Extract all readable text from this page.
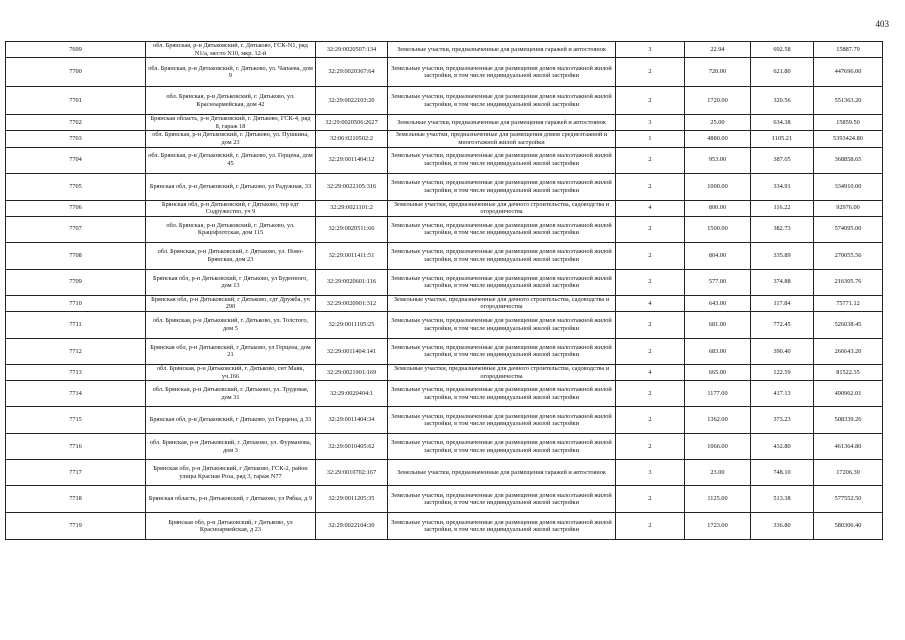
403
7699	обл. Брянская, р-н Дятьковский, г. Дятьково, ГСК-N1, ряд N1/а, место N10, мкр. 12-й	32:29:0020507:134	Земельные участки, предназначенные для размещения гаражей и автостоянок	3	22.94	692.58	15887.79
7700	обл. Брянская, р-н Дятьковский, г. Дятьково, ул. Чапаева, дом 9	32:29:0020367:64	Земельные участки, предназначенные для размещения домов малоэтажной жилой застройки, в том числе индивидуальной жилой застройки	2	720.00	621.80	447696.00
7701	обл. Брянская, р-н Дятьковский, г. Дятьково, ул. Красноармейская, дом 42	32:29:0022103:20	Земельные участки, предназначенные для размещения домов малоэтажной жилой застройки, в том числе индивидуальной жилой застройки	2	1720.00	320.56	551363.20
7702	Брянская область, р-н Дятьковский, г. Дятьково, ГСК-4, ряд 8, гараж 18	32:29:0020506:2627	Земельные участки, предназначенные для размещения гаражей и автостоянок	3	25.00	634.38	15859.50
7703	обл. Брянская, р-н Дятьковский, г. Дятьково, ул. Пушкина, дом 23	32:06:0210502:2	Земельные участки, предназначенные для размещения домов среднеэтажной и многоэтажной жилой застройки	1	4880.00	1105.21	5393424.80
7704	обл. Брянская, р-н Дятьковский, г. Дятьково, ул. Герцена, дом 45	32:29:0011404:12	Земельные участки, предназначенные для размещения домов малоэтажной жилой застройки, в том числе индивидуальной жилой застройки	2	953.00	387.05	368858.65
7705	Брянская обл, р-н Дятьковский, г Дятьково, ул Радужная, 33	32:29:0022105:316	Земельные участки, предназначенные для размещения домов малоэтажной жилой застройки, в том числе индивидуальной жилой застройки	2	1000.00	334.91	334910.00
7706	Брянская обл, р-н Дятьковский, г Дятьково, тер едт Содружество, уч 9	32:29:0021101:2	Земельные участки, предназначенные для дачного строительства, садоводства и огородничества	4	800.00	116.22	92976.00
7707	обл. Брянская, р-н Дятьковский, г. Дятьково, ул. Крацофлотская, дом 115	32:29:0020511:66	Земельные участки, предназначенные для размещения домов малоэтажной жилой застройки, в том числе индивидуальной жилой застройки	2	1500.00	382.73	574095.00
7708	обл. Брянская, р-н Дятьковский, г. Дятьково, ул. Ново-Брянская, дом 23	32:29:0011411:51	Земельные участки, предназначенные для размещения домов малоэтажной жилой застройки, в том числе индивидуальной жилой застройки	2	804.00	335.89	270055.56
7709	Брянская обл, р-н Дятьковский, г Дятьково, ул Буденного, дом 13	32:29:0020601:116	Земельные участки, предназначенные для размещения домов малоэтажной жилой застройки, в том числе индивидуальной жилой застройки	2	577.00	374.88	216305.76
7710	Брянская обл, р-н Дятьковский, г Дятьково, сдт Дружба, уч 290	32:29:0020901:312	Земельные участки, предназначенные для дачного строительства, садоводства и огородничества	4	643.00	117.84	75771.12
7711	обл. Брянская, р-н Дятьковский, г. Дятьково, ул. Толстого, дом 5	32:29:0011105:25	Земельные участки, предназначенные для размещения домов малоэтажной жилой застройки, в том числе индивидуальной жилой застройки	2	681.00	772.45	526038.45
7712	Брянская обл, р-н Дятьковский, г Дятьково, ул Герцена, дом 21	32:29:0011404:141	Земельные участки, предназначенные для размещения домов малоэтажной жилой застройки, в том числе индивидуальной жилой застройки	2	683.00	390.40	266643.20
7713	обл. Брянская, р-н Дятьковский, г. Дятьково, снт Маяк, уч.166	32:29:0021901:169	Земельные участки, предназначенные для дачного строительства, садоводства и огородничества	4	665.00	122.59	81522.35
7714	обл. Брянская, р-н Дятьковский, г. Дятьково, ул. Трудовая, дом 31	32:29:0020404:1	Земельные участки, предназначенные для размещения домов малоэтажной жилой застройки, в том числе индивидуальной жилой застройки	2	1177.00	417.13	490962.01
7715	Брянская обл, р-н Дятьковский, г Дятьково, ул Герцена, д 33	32:29:0011404:34	Земельные участки, предназначенные для размещения домов малоэтажной жилой застройки, в том числе индивидуальной жилой застройки	2	1362.00	373.23	508339.26
7716	обл. Брянская, р-н Дятьковский, г. Дятьково, ул. Фурманова, дом 3	32:29:0010405:62	Земельные участки, предназначенные для размещения домов малоэтажной жилой застройки, в том числе индивидуальной жилой застройки	2	1066.00	432.80	461364.80
7717	Брянская обл, р-н Дятьковский, г Дятьково, ГСК-2, район улицы Красная Роза, ряд 3, гараж N77	32:29:0010702:167	Земельные участки, предназначенные для размещения гаражей и автостоянок	3	23.00	748.10	17206.30
7718	Брянская область, р-н Дятьковский, г Дятьково, ул Рябка, д 9	32:29:0011205:35	Земельные участки, предназначенные для размещения домов малоэтажной жилой застройки, в том числе индивидуальной жилой застройки	2	1125.00	513.38	577552.50
7719	Брянская обл, р-н Дятьковский, г Дятьково, ул Красноармейская, д 23	32:29:0022104:30	Земельные участки, предназначенные для размещения домов малоэтажной жилой застройки, в том числе индивидуальной жилой застройки	2	1723.00	336.80	580306.40
